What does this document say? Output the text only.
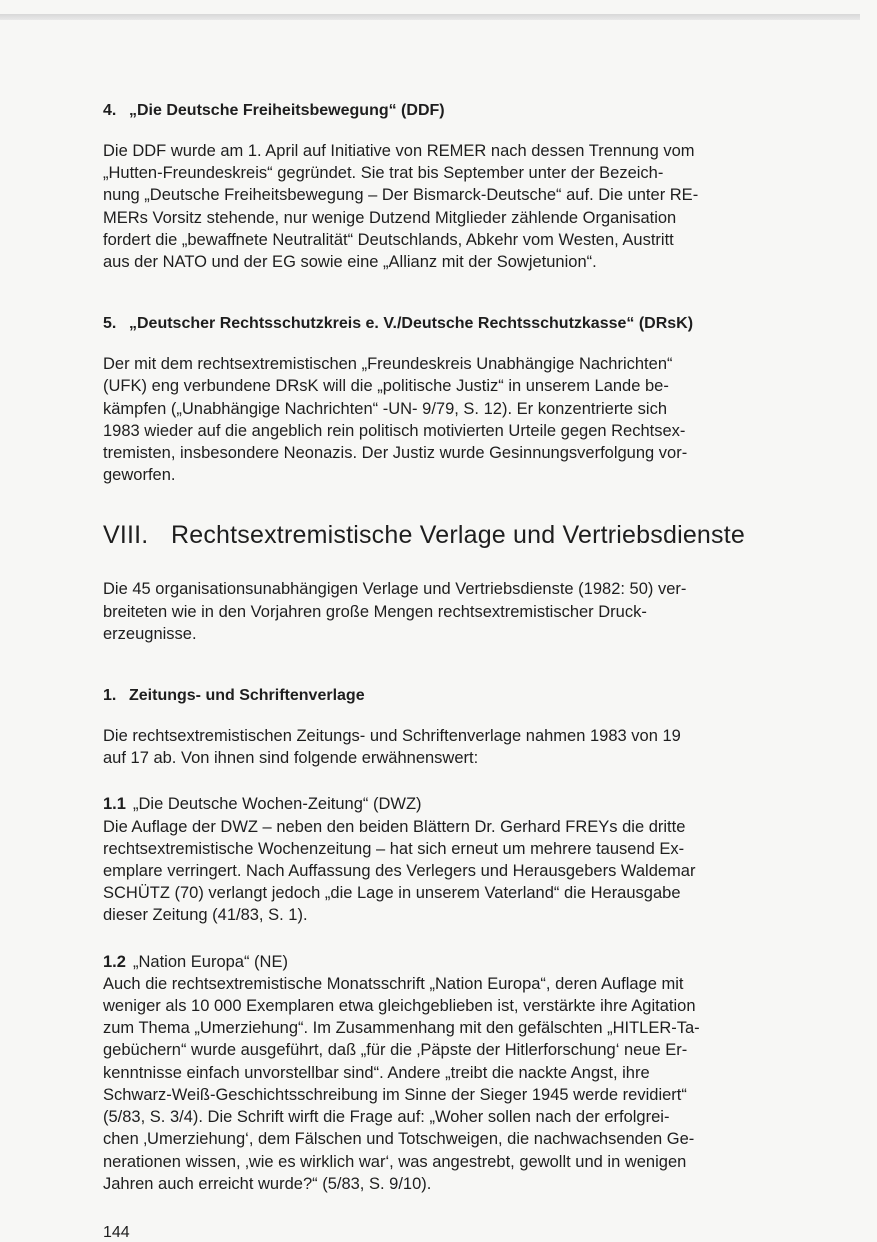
4. „Die Deutsche Freiheitsbewegung“ (DDF)

Die DDF wurde am 1. April auf Initiative von REMER nach dessen Trennung vom

„Hutten-Freundeskreis“ gegründet. Sie trat bis September unter der Bezeich-

nung „Deutsche Freiheitsbewegung – Der Bismarck-Deutsche“ auf. Die unter RE-

MERs Vorsitz stehende, nur wenige Dutzend Mitglieder zählende Organisation

fordert die „bewaffnete Neutralität“ Deutschlands, Abkehr vom Westen, Austritt

aus der NATO und der EG sowie eine „Allianz mit der Sowjetunion“.

5. „Deutscher Rechtsschutzkreis e. V./Deutsche Rechtsschutzkasse“ (DRsK)

Der mit dem rechtsextremistischen „Freundeskreis Unabhängige Nachrichten“

(UFK) eng verbundene DRsK will die „politische Justiz“ in unserem Lande be-

kämpfen („Unabhängige Nachrichten“ -UN- 9/79, S. 12). Er konzentrierte sich

1983 wieder auf die angeblich rein politisch motivierten Urteile gegen Rechtsex-

tremisten, insbesondere Neonazis. Der Justiz wurde Gesinnungsverfolgung vor-

geworfen.

VIII. Rechtsextremistische Verlage und Vertriebsdienste

Die 45 organisationsunabhängigen Verlage und Vertriebsdienste (1982: 50) ver-

breiteten wie in den Vorjahren große Mengen rechtsextremistischer Druck-

erzeugnisse.

1. Zeitungs- und Schriftenverlage

Die rechtsextremistischen Zeitungs- und Schriftenverlage nahmen 1983 von 19

auf 17 ab. Von ihnen sind folgende erwähnenswert:

1.1 „Die Deutsche Wochen-Zeitung“ (DWZ)

Die Auflage der DWZ – neben den beiden Blättern Dr. Gerhard FREYs die dritte

rechtsextremistische Wochenzeitung – hat sich erneut um mehrere tausend Ex-

emplare verringert. Nach Auffassung des Verlegers und Herausgebers Waldemar

SCHÜTZ (70) verlangt jedoch „die Lage in unserem Vaterland“ die Herausgabe

dieser Zeitung (41/83, S. 1).

1.2 „Nation Europa“ (NE)

Auch die rechtsextremistische Monatsschrift „Nation Europa“, deren Auflage mit

weniger als 10 000 Exemplaren etwa gleichgeblieben ist, verstärkte ihre Agitation

zum Thema „Umerziehung“. Im Zusammenhang mit den gefälschten „HITLER-Ta-

gebüchern“ wurde ausgeführt, daß „für die ‚Päpste der Hitlerforschung‘ neue Er-

kenntnisse einfach unvorstellbar sind“. Andere „treibt die nackte Angst, ihre

Schwarz-Weiß-Geschichtsschreibung im Sinne der Sieger 1945 werde revidiert“

(5/83, S. 3/4). Die Schrift wirft die Frage auf: „Woher sollen nach der erfolgrei-

chen ‚Umerziehung‘, dem Fälschen und Totschweigen, die nachwachsenden Ge-

nerationen wissen, ‚wie es wirklich war‘, was angestrebt, gewollt und in wenigen

Jahren auch erreicht wurde?“ (5/83, S. 9/10).

144
